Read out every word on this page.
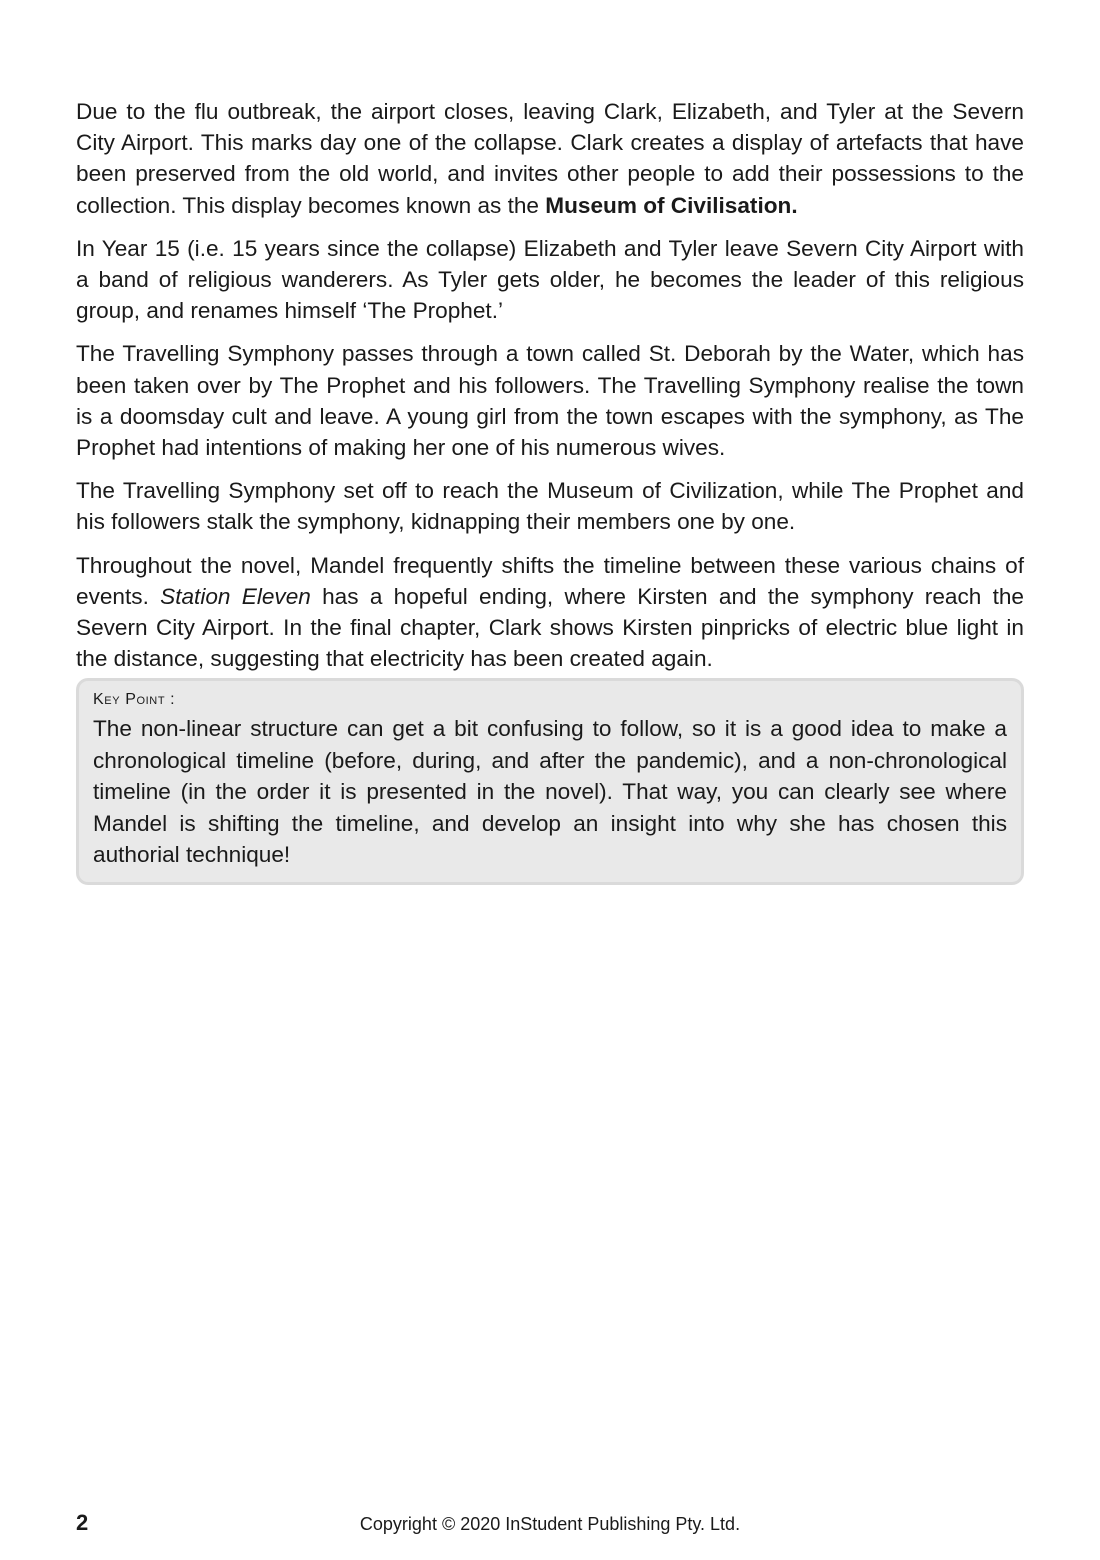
Due to the flu outbreak, the airport closes, leaving Clark, Elizabeth, and Tyler at the Severn City Airport. This marks day one of the collapse. Clark creates a display of artefacts that have been preserved from the old world, and invites other people to add their possessions to the collection. This display becomes known as the Museum of Civilisation.

In Year 15 (i.e. 15 years since the collapse) Elizabeth and Tyler leave Severn City Airport with a band of religious wanderers. As Tyler gets older, he becomes the leader of this religious group, and renames himself ‘The Prophet.’

The Travelling Symphony passes through a town called St. Deborah by the Water, which has been taken over by The Prophet and his followers. The Travelling Symphony realise the town is a doomsday cult and leave. A young girl from the town escapes with the symphony, as The Prophet had intentions of making her one of his numerous wives.

The Travelling Symphony set off to reach the Museum of Civilization, while The Prophet and his followers stalk the symphony, kidnapping their members one by one.

Throughout the novel, Mandel frequently shifts the timeline between these various chains of events. Station Eleven has a hopeful ending, where Kirsten and the symphony reach the Severn City Airport. In the final chapter, Clark shows Kirsten pinpricks of electric blue light in the distance, suggesting that electricity has been created again.

Key Point :

The non-linear structure can get a bit confusing to follow, so it is a good idea to make a chronological timeline (before, during, and after the pandemic), and a non-chronological timeline (in the order it is presented in the novel). That way, you can clearly see where Mandel is shifting the timeline, and develop an insight into why she has chosen this authorial technique!

2	Copyright © 2020 InStudent Publishing Pty. Ltd.
